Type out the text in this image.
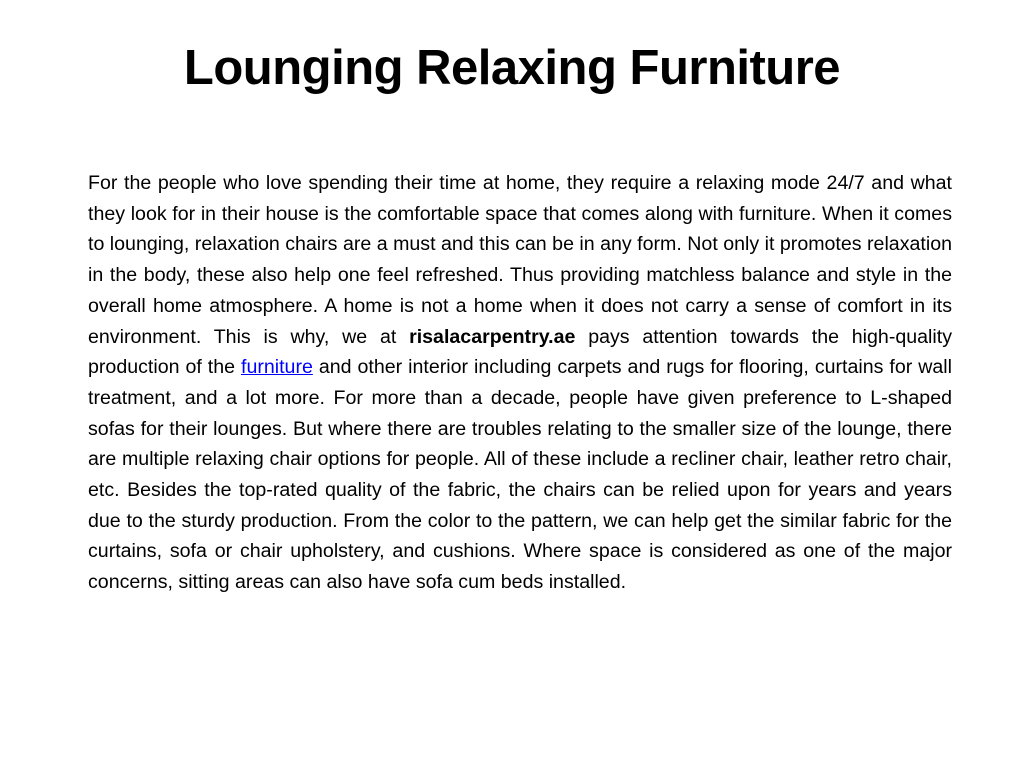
Lounging Relaxing Furniture

For the people who love spending their time at home, they require a relaxing mode 24/7 and what they look for in their house is the comfortable space that comes along with furniture. When it comes to lounging, relaxation chairs are a must and this can be in any form. Not only it promotes relaxation in the body, these also help one feel refreshed. Thus providing matchless balance and style in the overall home atmosphere. A home is not a home when it does not carry a sense of comfort in its environment. This is why, we at risalacarpentry.ae pays attention towards the high-quality production of the furniture and other interior including carpets and rugs for flooring, curtains for wall treatment, and a lot more. For more than a decade, people have given preference to L-shaped sofas for their lounges. But where there are troubles relating to the smaller size of the lounge, there are multiple relaxing chair options for people. All of these include a recliner chair, leather retro chair, etc. Besides the top-rated quality of the fabric, the chairs can be relied upon for years and years due to the sturdy production. From the color to the pattern, we can help get the similar fabric for the curtains, sofa or chair upholstery, and cushions. Where space is considered as one of the major concerns, sitting areas can also have sofa cum beds installed.
